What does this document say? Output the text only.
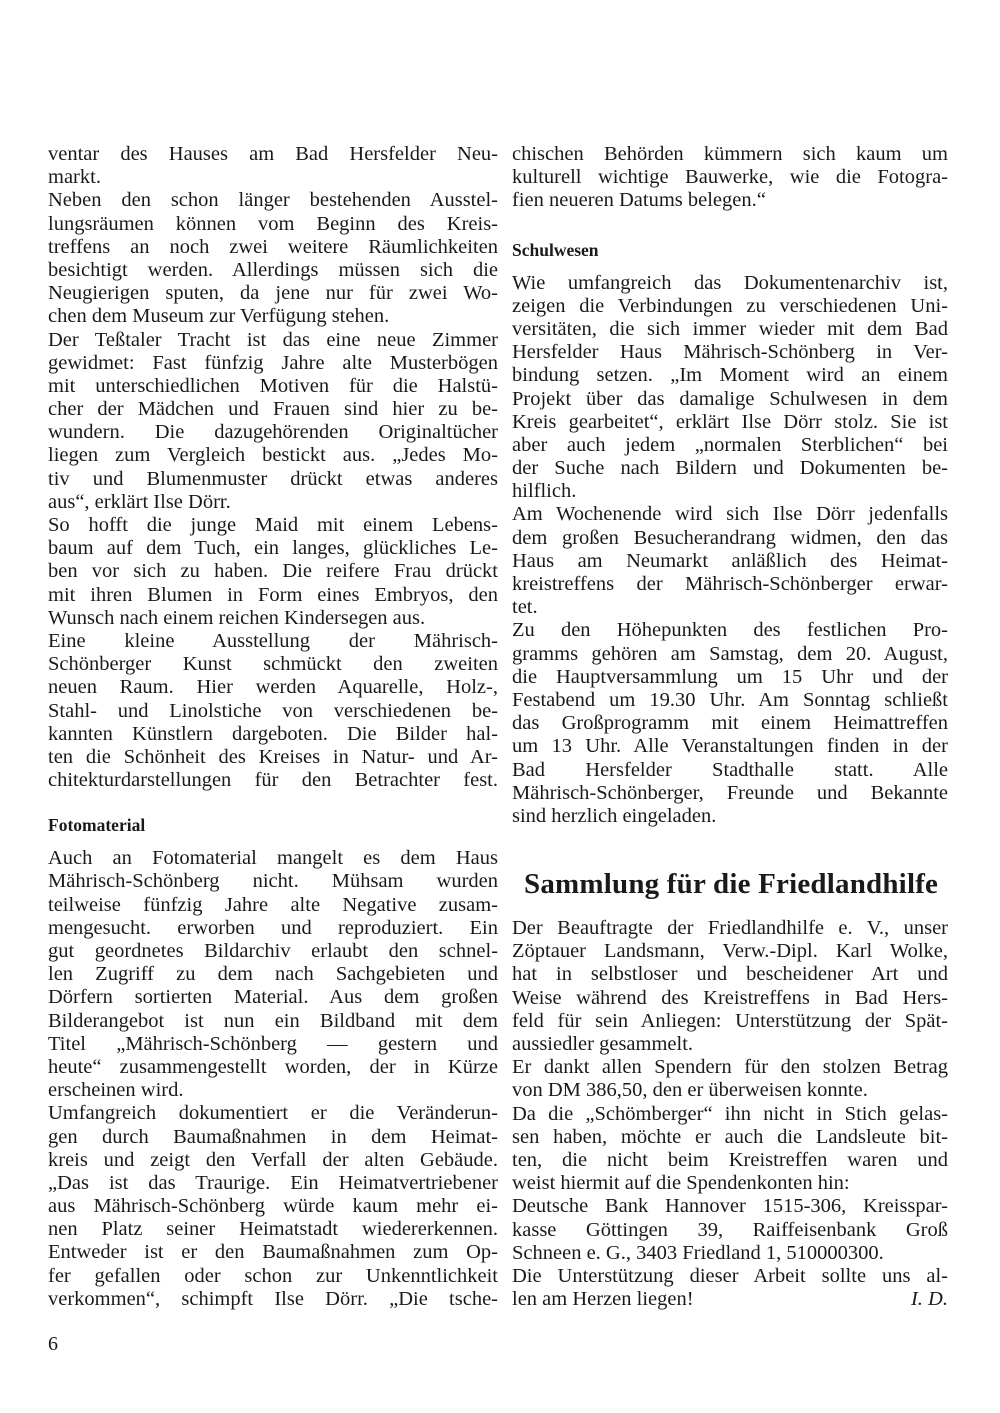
ventar des Hauses am Bad Hersfelder Neu-
markt.
Neben den schon länger bestehenden Ausstel-
lungsräumen können vom Beginn des Kreis-
treffens an noch zwei weitere Räumlichkeiten
besichtigt werden. Allerdings müssen sich die
Neugierigen sputen, da jene nur für zwei Wo-
chen dem Museum zur Verfügung stehen.
Der Teßtaler Tracht ist das eine neue Zimmer
gewidmet: Fast fünfzig Jahre alte Musterbögen
mit unterschiedlichen Motiven für die Halstü-
cher der Mädchen und Frauen sind hier zu be-
wundern. Die dazugehörenden Originaltücher
liegen zum Vergleich bestickt aus. „Jedes Mo-
tiv und Blumenmuster drückt etwas anderes
aus“, erklärt Ilse Dörr.
So hofft die junge Maid mit einem Lebens-
baum auf dem Tuch, ein langes, glückliches Le-
ben vor sich zu haben. Die reifere Frau drückt
mit ihren Blumen in Form eines Embryos, den
Wunsch nach einem reichen Kindersegen aus.
Eine kleine Ausstellung der Mährisch-
Schönberger Kunst schmückt den zweiten
neuen Raum. Hier werden Aquarelle, Holz-,
Stahl- und Linolstiche von verschiedenen be-
kannten Künstlern dargeboten. Die Bilder hal-
ten die Schönheit des Kreises in Natur- und Ar-
chitekturdarstellungen für den Betrachter fest.
Fotomaterial
Auch an Fotomaterial mangelt es dem Haus
Mährisch-Schönberg nicht. Mühsam wurden
teilweise fünfzig Jahre alte Negative zusam-
mengesucht. erworben und reproduziert. Ein
gut geordnetes Bildarchiv erlaubt den schnel-
len Zugriff zu dem nach Sachgebieten und
Dörfern sortierten Material. Aus dem großen
Bilderangebot ist nun ein Bildband mit dem
Titel „Mährisch-Schönberg — gestern und
heute“ zusammengestellt worden, der in Kürze
erscheinen wird.
Umfangreich dokumentiert er die Veränderun-
gen durch Baumaßnahmen in dem Heimat-
kreis und zeigt den Verfall der alten Gebäude.
„Das ist das Traurige. Ein Heimatvertriebener
aus Mährisch-Schönberg würde kaum mehr ei-
nen Platz seiner Heimatstadt wiedererkennen.
Entweder ist er den Baumaßnahmen zum Op-
fer gefallen oder schon zur Unkenntlichkeit
verkommen“, schimpft Ilse Dörr. „Die tsche-
chischen Behörden kümmern sich kaum um
kulturell wichtige Bauwerke, wie die Fotogra-
fien neueren Datums belegen.“
Schulwesen
Wie umfangreich das Dokumentenarchiv ist,
zeigen die Verbindungen zu verschiedenen Uni-
versitäten, die sich immer wieder mit dem Bad
Hersfelder Haus Mährisch-Schönberg in Ver-
bindung setzen. „Im Moment wird an einem
Projekt über das damalige Schulwesen in dem
Kreis gearbeitet“, erklärt Ilse Dörr stolz. Sie ist
aber auch jedem „normalen Sterblichen“ bei
der Suche nach Bildern und Dokumenten be-
hilflich.
Am Wochenende wird sich Ilse Dörr jedenfalls
dem großen Besucherandrang widmen, den das
Haus am Neumarkt anläßlich des Heimat-
kreistreffens der Mährisch-Schönberger erwar-
tet.
Zu den Höhepunkten des festlichen Pro-
gramms gehören am Samstag, dem 20. August,
die Hauptversammlung um 15 Uhr und der
Festabend um 19.30 Uhr. Am Sonntag schließt
das Großprogramm mit einem Heimattreffen
um 13 Uhr. Alle Veranstaltungen finden in der
Bad Hersfelder Stadthalle statt. Alle
Mährisch-Schönberger, Freunde und Bekannte
sind herzlich eingeladen.
Sammlung für die Friedlandhilfe
Der Beauftragte der Friedlandhilfe e. V., unser
Zöptauer Landsmann, Verw.-Dipl. Karl Wolke,
hat in selbstloser und bescheidener Art und
Weise während des Kreistreffens in Bad Hers-
feld für sein Anliegen: Unterstützung der Spät-
aussiedler gesammelt.
Er dankt allen Spendern für den stolzen Betrag
von DM 386,50, den er überweisen konnte.
Da die „Schömberger“ ihn nicht in Stich gelas-
sen haben, möchte er auch die Landsleute bit-
ten, die nicht beim Kreistreffen waren und
weist hiermit auf die Spendenkonten hin:
Deutsche Bank Hannover 1515-306, Kreisspar-
kasse Göttingen 39, Raiffeisenbank Groß
Schneen e. G., 3403 Friedland 1, 510000300.
Die Unterstützung dieser Arbeit sollte uns al-
I. D.
len am Herzen liegen!
6
